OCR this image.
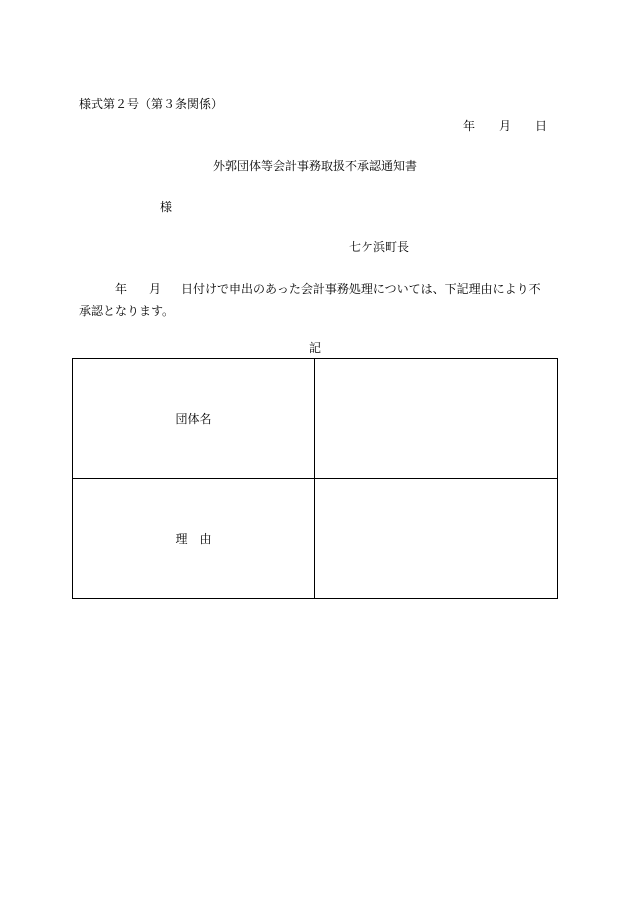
様式第２号（第３条関係）
年 月 日
外郭団体等会計事務取扱不承認通知書
様
七ケ浜町長
年 月 日付けで申出のあった会計事務処理については、下記理由により不承認となります。
記
団体名	
理　由	
